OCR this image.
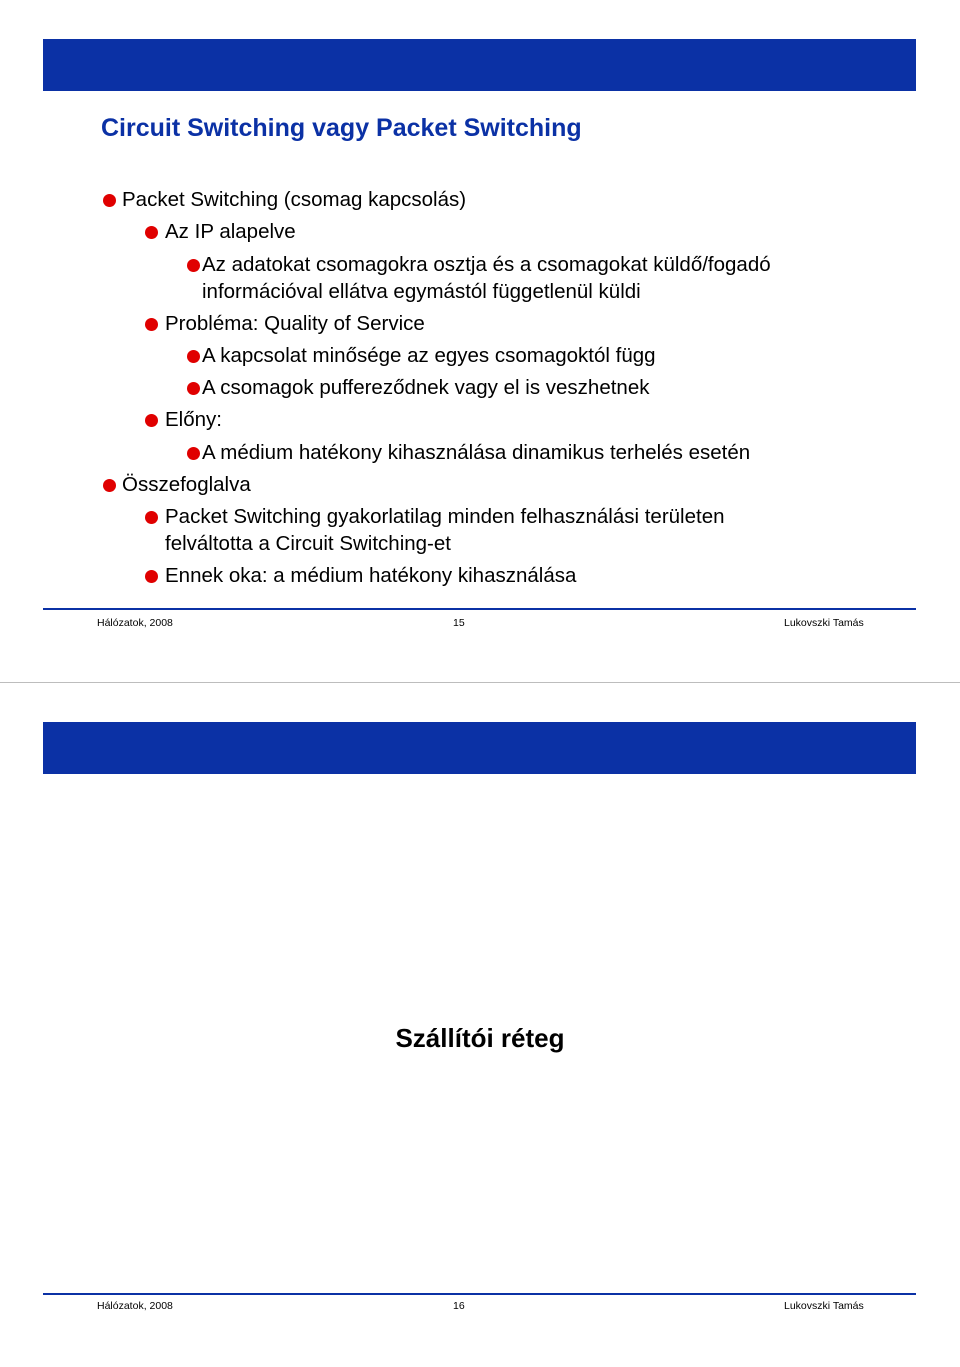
Circuit Switching vagy Packet Switching
Packet Switching (csomag kapcsolás)
Az IP alapelve
Az adatokat csomagokra osztja és a csomagokat küldő/fogadó
információval ellátva egymástól függetlenül küldi
Probléma: Quality of Service
A kapcsolat minősége az egyes csomagoktól függ
A csomagok puffereződnek vagy el is veszhetnek
Előny:
A médium hatékony kihasználása dinamikus terhelés esetén
Összefoglalva
Packet Switching gyakorlatilag minden felhasználási területen
felváltotta a Circuit Switching-et
Ennek oka: a médium hatékony kihasználása
Hálózatok, 2008	15	Lukovszki Tamás
Szállítói réteg
Hálózatok, 2008	16	Lukovszki Tamás
